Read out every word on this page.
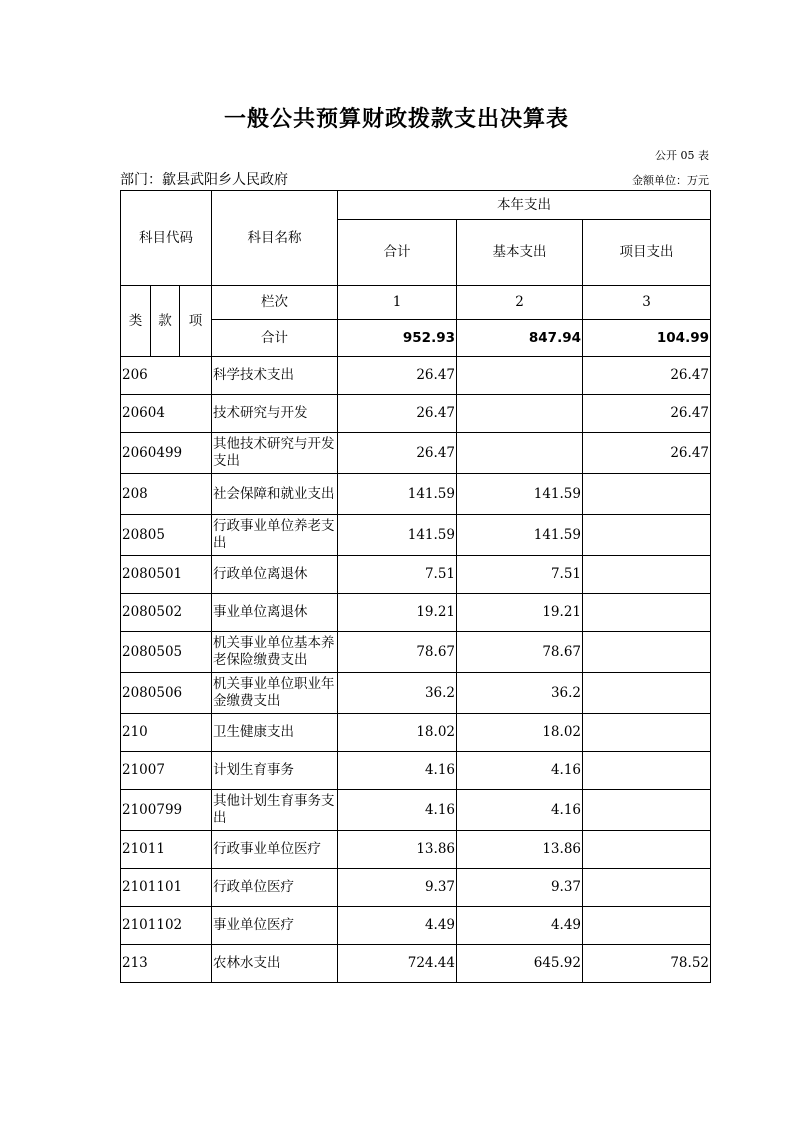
一般公共预算财政拨款支出决算表
公开 05 表
部门：歙县武阳乡人民政府	金额单位：万元
科目代码			科目名称	本年支出		
				合计	基本支出	项目支出

类	款	项	栏次	1	2	3
			合计	952.93	847.94	104.99
206			科学技术支出	26.47		26.47
20604			技术研究与开发	26.47		26.47
2060499			其他技术研究与开发支出	26.47		26.47
208			社会保障和就业支出	141.59	141.59	
20805			行政事业单位养老支出	141.59	141.59	
2080501			行政单位离退休	7.51	7.51	
2080502			事业单位离退休	19.21	19.21	
2080505			机关事业单位基本养老保险缴费支出	78.67	78.67	
2080506			机关事业单位职业年金缴费支出	36.2	36.2	
210			卫生健康支出	18.02	18.02	
21007			计划生育事务	4.16	4.16	
2100799			其他计划生育事务支出	4.16	4.16	
21011			行政事业单位医疗	13.86	13.86	
2101101			行政单位医疗	9.37	9.37	
2101102			事业单位医疗	4.49	4.49	
213			农林水支出	724.44	645.92	78.52
